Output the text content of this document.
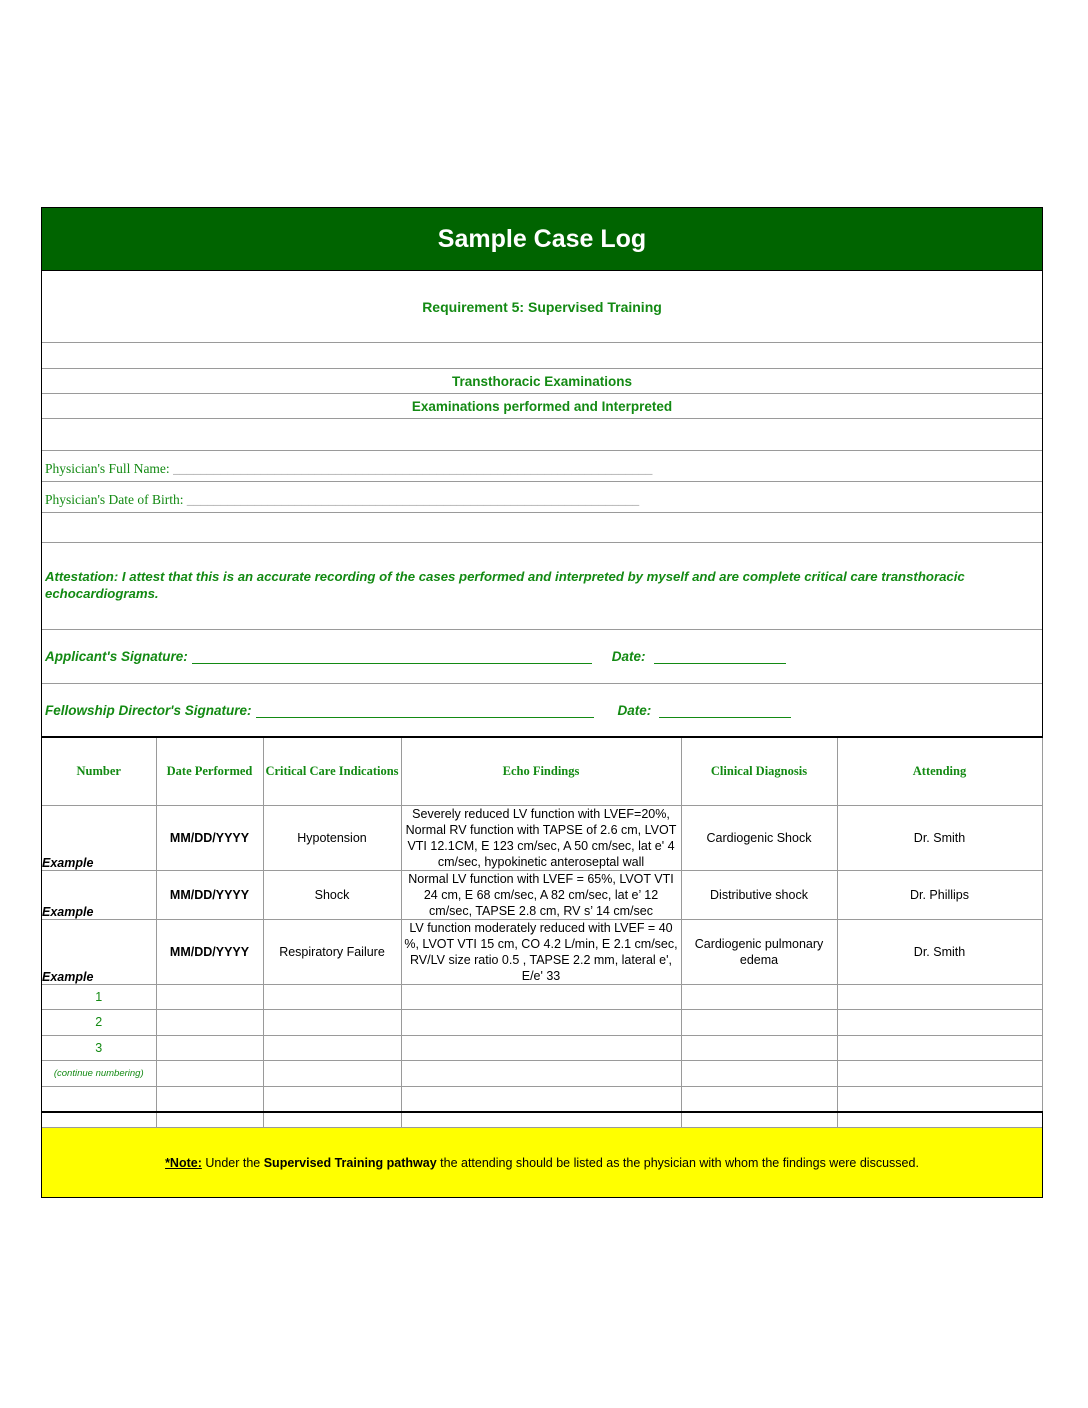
Sample Case Log
Requirement 5: Supervised Training
Transthoracic Examinations
Examinations performed and Interpreted
Physician's Full Name: _______________________________________________________________________
Physician's Date of Birth: ___________________________________________________________________
Attestation: I attest that this is an accurate recording of the cases performed and interpreted by myself and are complete critical care transthoracic echocardiograms.
Applicant's Signature:	Date:
Fellowship Director's Signature:	Date:
Number	Date Performed	Critical Care Indications	Echo Findings	Clinical Diagnosis	Attending
Example	MM/DD/YYYY	Hypotension	Severely reduced LV function with LVEF=20%, Normal RV function with TAPSE of 2.6 cm, LVOT VTI 12.1CM, E 123 cm/sec, A 50 cm/sec, lat e' 4 cm/sec, hypokinetic anteroseptal wall	Cardiogenic Shock	Dr. Smith
Example	MM/DD/YYYY	Shock	Normal LV function with LVEF = 65%, LVOT VTI 24 cm, E 68 cm/sec, A 82 cm/sec, lat e’ 12 cm/sec, TAPSE 2.8 cm, RV s’ 14 cm/sec	Distributive shock	Dr. Phillips
Example	MM/DD/YYYY	Respiratory Failure	LV function moderately reduced with LVEF = 40 %, LVOT VTI 15 cm, CO 4.2 L/min, E 2.1 cm/sec, RV/LV size ratio 0.5 , TAPSE 2.2 mm, lateral e', E/e' 33	Cardiogenic pulmonary edema	Dr. Smith
1					
2					
3					
(continue numbering)					

*Note: Under the Supervised Training pathway the attending should be listed as the physician with whom the findings were discussed.
